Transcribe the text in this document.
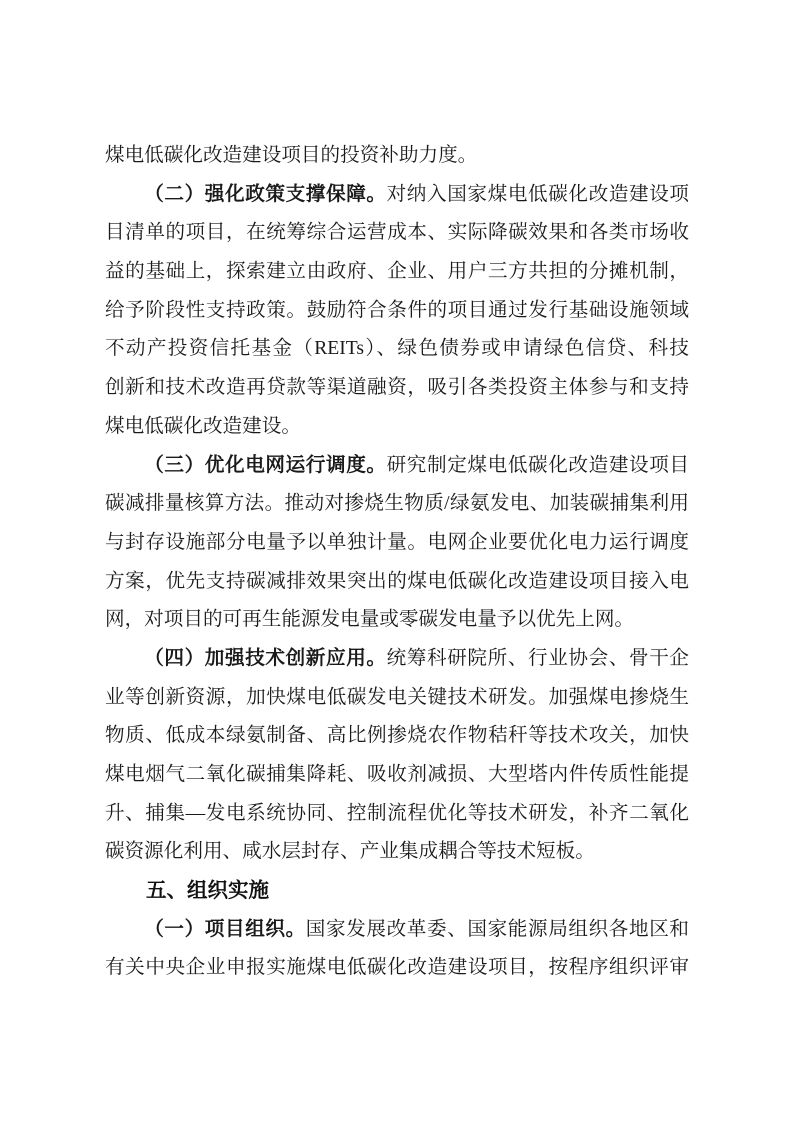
煤电低碳化改造建设项目的投资补助力度。
（二）强化政策支撑保障。对纳入国家煤电低碳化改造建设项
目清单的项目，在统筹综合运营成本、实际降碳效果和各类市场收
益的基础上，探索建立由政府、企业、用户三方共担的分摊机制，
给予阶段性支持政策。鼓励符合条件的项目通过发行基础设施领域
不动产投资信托基金（REITs）、绿色债券或申请绿色信贷、科技
创新和技术改造再贷款等渠道融资，吸引各类投资主体参与和支持
煤电低碳化改造建设。
（三）优化电网运行调度。研究制定煤电低碳化改造建设项目
碳减排量核算方法。推动对掺烧生物质/绿氨发电、加装碳捕集利用
与封存设施部分电量予以单独计量。电网企业要优化电力运行调度
方案，优先支持碳减排效果突出的煤电低碳化改造建设项目接入电
网，对项目的可再生能源发电量或零碳发电量予以优先上网。
（四）加强技术创新应用。统筹科研院所、行业协会、骨干企
业等创新资源，加快煤电低碳发电关键技术研发。加强煤电掺烧生
物质、低成本绿氨制备、高比例掺烧农作物秸秆等技术攻关，加快
煤电烟气二氧化碳捕集降耗、吸收剂减损、大型塔内件传质性能提
升、捕集—发电系统协同、控制流程优化等技术研发，补齐二氧化
碳资源化利用、咸水层封存、产业集成耦合等技术短板。
五、组织实施
（一）项目组织。国家发展改革委、国家能源局组织各地区和
有关中央企业申报实施煤电低碳化改造建设项目，按程序组织评审
